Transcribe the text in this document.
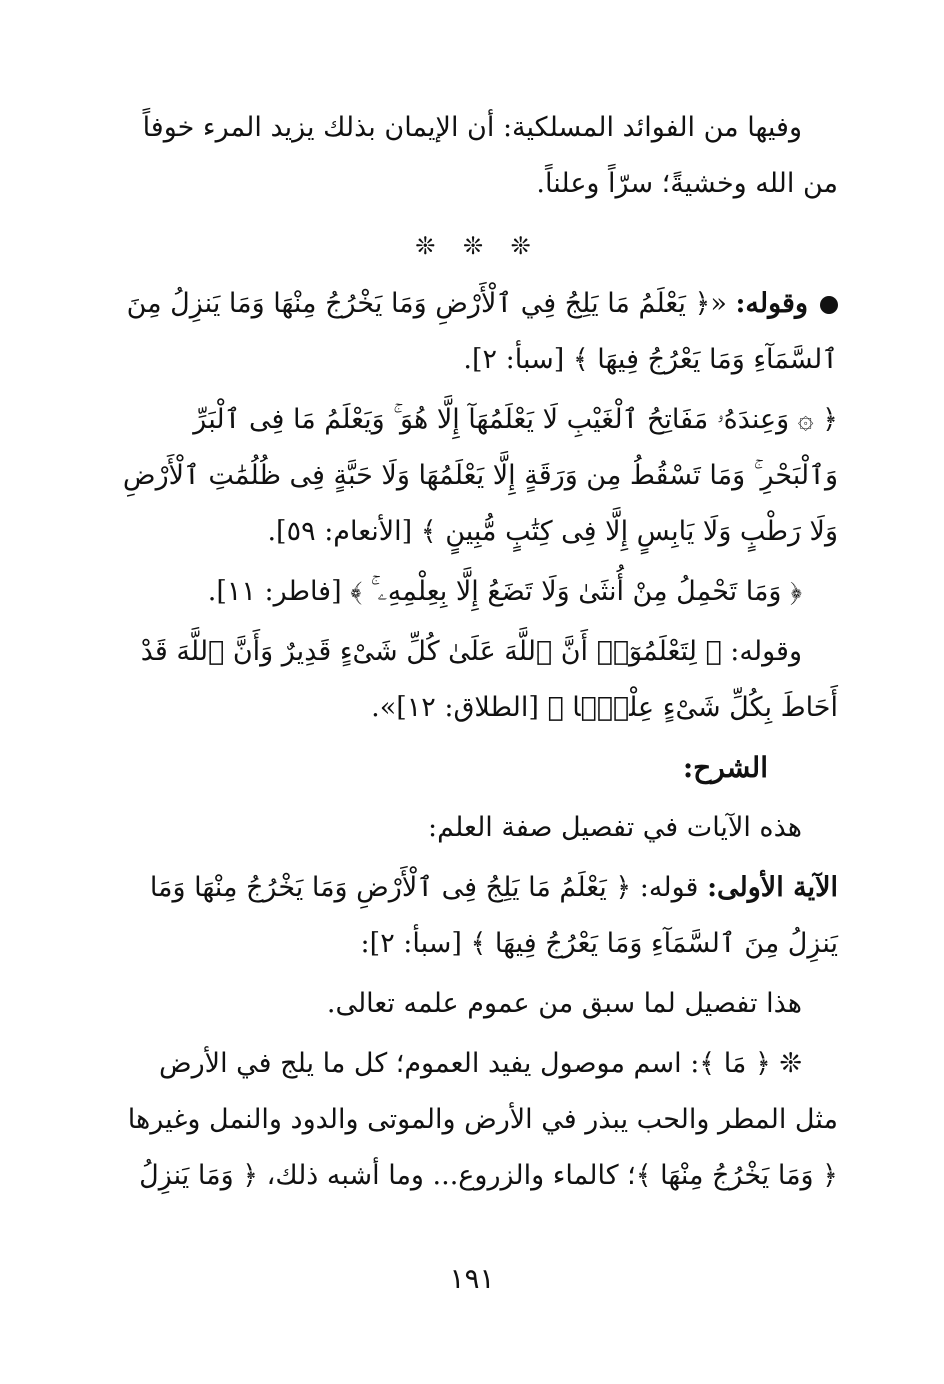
وفيها من الفوائد المسلكية: أن الإيمان بذلك يزيد المرء خوفاً من الله وخشيةً؛ سرّاً وعلناً.

❊ ❊ ❊

وقوله: «﴿ يَعْلَمُ مَا يَلِجُ فِي ٱلْأَرْضِ وَمَا يَخْرُجُ مِنْهَا وَمَا يَنزِلُ مِنَ ٱلسَّمَآءِ وَمَا يَعْرُجُ فِيهَا ﴾ [سبأ: ٢].

﴿ ۞ وَعِندَهُۥ مَفَاتِحُ ٱلْغَيْبِ لَا يَعْلَمُهَآ إِلَّا هُوَ ۚ وَيَعْلَمُ مَا فِى ٱلْبَرِّ وَٱلْبَحْرِ ۚ وَمَا تَسْقُطُ مِن وَرَقَةٍ إِلَّا يَعْلَمُهَا وَلَا حَبَّةٍ فِى ظُلُمَٰتِ ٱلْأَرْضِ وَلَا رَطْبٍ وَلَا يَابِسٍ إِلَّا فِى كِتَٰبٍ مُّبِينٍ ﴾ [الأنعام: ٥٩].

﴿ وَمَا تَحْمِلُ مِنْ أُنثَىٰ وَلَا تَضَعُ إِلَّا بِعِلْمِهِۦ ۚ ﴾ [فاطر: ١١].

وقوله: ﴿ لِتَعْلَمُوٓا۟ أَنَّ ٱللَّهَ عَلَىٰ كُلِّ شَىْءٍ قَدِيرٌ وَأَنَّ ٱللَّهَ قَدْ أَحَاطَ بِكُلِّ شَىْءٍ عِلْمًۢا ﴾ [الطلاق: ١٢]».

الشرح:

هذه الآيات في تفصيل صفة العلم:

الآية الأولى: قوله: ﴿ يَعْلَمُ مَا يَلِجُ فِى ٱلْأَرْضِ وَمَا يَخْرُجُ مِنْهَا وَمَا يَنزِلُ مِنَ ٱلسَّمَآءِ وَمَا يَعْرُجُ فِيهَا ﴾ [سبأ: ٢]:

هذا تفصيل لما سبق من عموم علمه تعالى.

❊ ﴿ مَا ﴾: اسم موصول يفيد العموم؛ كل ما يلج في الأرض مثل المطر والحب يبذر في الأرض والموتى والدود والنمل وغيرها ﴿ وَمَا يَخْرُجُ مِنْهَا ﴾؛ كالماء والزروع... وما أشبه ذلك، ﴿ وَمَا يَنزِلُ

١٩١
